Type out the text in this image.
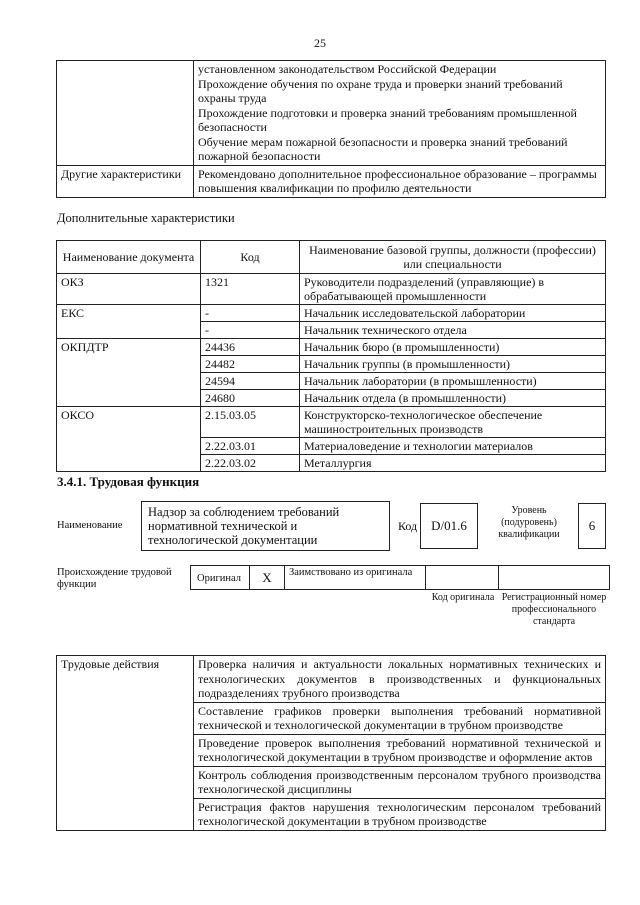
25

	установленном законодательством Российской Федерации
Прохождение обучения по охране труда и проверки знаний требований охраны труда
Прохождение подготовки и проверка знаний требованиям промышленной безопасности
Обучение мерам пожарной безопасности и проверка знаний требований пожарной безопасности

Другие характеристики	Рекомендовано дополнительное профессиональное образование – программы повышения квалификации по профилю деятельности
Дополнительные характеристики
Наименование документа	Код	Наименование базовой группы, должности (профессии) или специальности
ОКЗ	1321	Руководители подразделений (управляющие) в обрабатывающей промышленности
ЕКС	-	Начальник исследовательской лаборатории
	-	Начальник технического отдела
ОКПДТР	24436	Начальник бюро (в промышленности)
	24482	Начальник группы (в промышленности)
	24594	Начальник лаборатории (в промышленности)
	24680	Начальник отдела (в промышленности)
ОКСО	2.15.03.05	Конструкторско-технологическое обеспечение машиностроительных производств
	2.22.03.01	Материаловедение и технологии материалов
	2.22.03.02	Металлургия
3.4.1. Трудовая функция
Наименование
Надзор за соблюдением требований нормативной технической и технологической документации
Код	D/01.6
Уровень (подуровень) квалификации
6
Происхождение трудовой функции
Оригинал	X	Заимствовано из оригинала
Код оригинала Регистрационный номер профессионального стандарта
Трудовые действия	Проверка наличия и актуальности локальных нормативных технических и технологических документов в производственных и функциональных подразделениях трубного производства
Составление графиков проверки выполнения требований нормативной технической и технологической документации в трубном производстве
Проведение проверок выполнения требований нормативной технической и технологической документации в трубном производстве и оформление актов
Контроль соблюдения производственным персоналом трубного производства технологической дисциплины
Регистрация фактов нарушения технологическим персоналом требований технологической документации в трубном производстве
